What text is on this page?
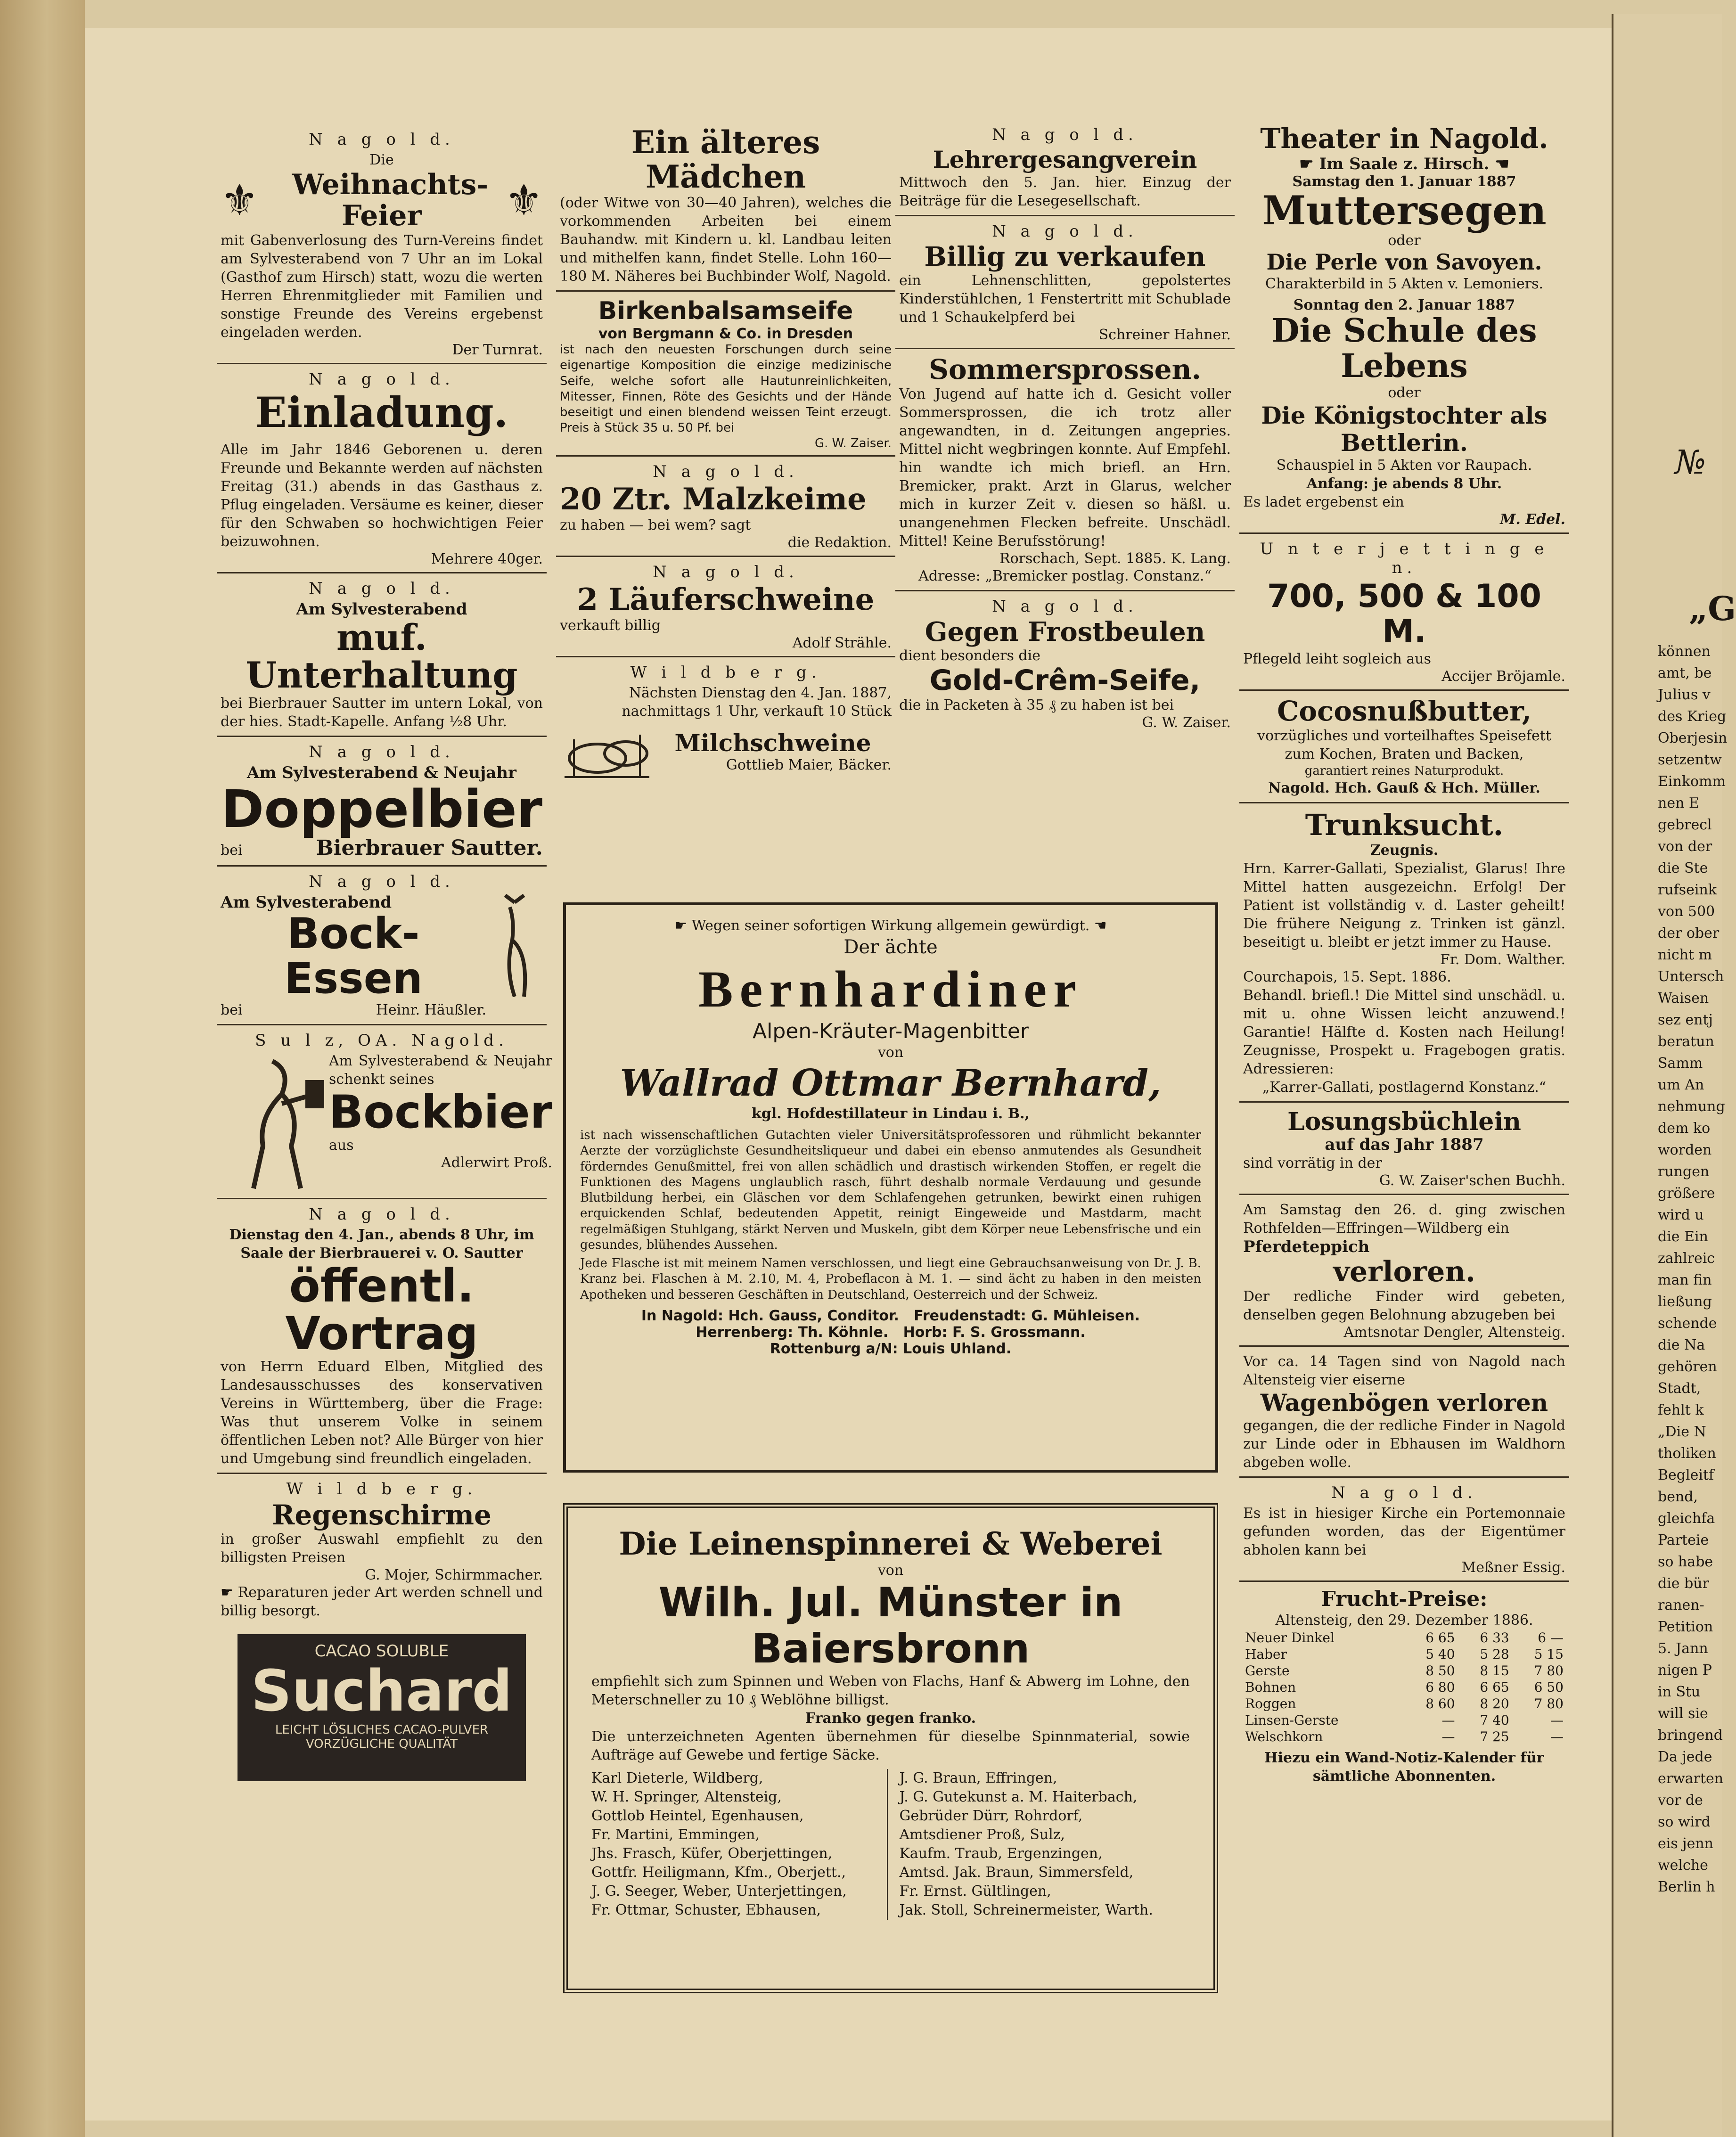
N a g o l d.
Die
⚜ Weihnachts-Feier	⚜
mit Gabenverlosung des Turn-Vereins findet am Sylvesterabend von 7 Uhr an im Lokal (Gasthof zum Hirsch) statt, wozu die werten Herren Ehrenmitglieder mit Familien und sonstige Freunde des Vereins ergebenst eingeladen werden.
Der Turnrat.
N a g o l d.
Einladung.
Alle im Jahr 1846 Geborenen u. deren Freunde und Bekannte werden auf nächsten Freitag (31.) abends in das Gasthaus z. Pflug eingeladen. Versäume es keiner, dieser für den Schwaben so hochwichtigen Feier beizuwohnen.
Mehrere 40ger.
N a g o l d.
Am Sylvesterabend
muf. Unterhaltung
bei Bierbrauer Sautter im untern Lokal, von der hies. Stadt-Kapelle. Anfang ½8 Uhr.
N a g o l d.
Am Sylvesterabend & Neujahr
Doppelbier
bei	Bierbrauer Sautter.
N a g o l d.
Am Sylvesterabend
Bock-Essen
bei	Heinr. Häußler.
S u l z, OA. Nagold.
Am Sylvesterabend & Neujahr schenkt seines
Bockbier
aus
Adlerwirt Proß.
N a g o l d.
Dienstag den 4. Jan., abends 8 Uhr, im Saale der Bierbrauerei v. O. Sautter
öffentl. Vortrag
von Herrn Eduard Elben, Mitglied des Landesausschusses des konservativen Vereins in Württemberg, über die Frage: Was thut unserem Volke in seinem öffentlichen Leben not? Alle Bürger von hier und Umgebung sind freundlich eingeladen.
W i l d b e r g.
Regenschirme
in großer Auswahl empfiehlt zu den billigsten Preisen
G. Mojer, Schirmmacher.
☛ Reparaturen jeder Art werden schnell und billig besorgt.
CACAO SOLUBLE
Suchard
LEICHT LÖSLICHES CACAO-PULVER
VORZÜGLICHE QUALITÄT
Ein älteres Mädchen
(oder Witwe von 30—40 Jahren), welches die vorkommenden Arbeiten bei einem Bauhandw. mit Kindern u. kl. Landbau leiten und mithelfen kann, findet Stelle. Lohn 160—180 M. Näheres bei Buchbinder Wolf, Nagold.
Birkenbalsamseife
von Bergmann & Co. in Dresden
ist nach den neuesten Forschungen durch seine eigenartige Komposition die einzige medizinische Seife, welche sofort alle Hautunreinlichkeiten, Mitesser, Finnen, Röte des Gesichts und der Hände beseitigt und einen blendend weissen Teint erzeugt. Preis à Stück 35 u. 50 Pf. bei
G. W. Zaiser.
N a g o l d.
20 Ztr. Malzkeime
zu haben — bei wem? sagt
die Redaktion.
N a g o l d.
2 Läuferschweine
verkauft billig
Adolf Strähle.
W i l d b e r g.
Nächsten Dienstag den 4. Jan. 1887, nachmittags 1 Uhr, verkauft 10 Stück
Milchschweine
Gottlieb Maier, Bäcker.
N a g o l d.
Lehrergesangverein
Mittwoch den 5. Jan. hier. Einzug der Beiträge für die Lesegesellschaft.
N a g o l d.
Billig zu verkaufen
ein Lehnenschlitten, gepolstertes Kinderstühlchen, 1 Fenstertritt mit Schublade und 1 Schaukelpferd bei
Schreiner Hahner.
Sommersprossen.
Von Jugend auf hatte ich d. Gesicht voller Sommersprossen, die ich trotz aller angewandten, in d. Zeitungen angepries. Mittel nicht wegbringen konnte. Auf Empfehl. hin wandte ich mich briefl. an Hrn. Bremicker, prakt. Arzt in Glarus, welcher mich in kurzer Zeit v. diesen so häßl. u. unangenehmen Flecken befreite. Unschädl. Mittel! Keine Berufsstörung!
Rorschach, Sept. 1885. K. Lang.
Adresse: „Bremicker postlag. Constanz.“
N a g o l d.
Gegen Frostbeulen
dient besonders die
Gold-Crêm-Seife,
die in Packeten à 35 ₰ zu haben ist bei
G. W. Zaiser.
Theater in Nagold.
☛ Im Saale z. Hirsch. ☚
Samstag den 1. Januar 1887
Muttersegen
oder
Die Perle von Savoyen.
Charakterbild in 5 Akten v. Lemoniers.
Sonntag den 2. Januar 1887
Die Schule des Lebens
oder
Die Königstochter als Bettlerin.
Schauspiel in 5 Akten vor Raupach.
Anfang: je abends 8 Uhr.
Es ladet ergebenst ein
M. Edel.
U n t e r j e t t i n g e n.
700, 500 & 100 M.
Pflegeld leiht sogleich aus
Accijer Bröjamle.
Cocosnußbutter,
vorzügliches und vorteilhaftes Speisefett zum Kochen, Braten und Backen,
garantiert reines Naturprodukt.
Nagold. Hch. Gauß & Hch. Müller.
Trunksucht.
Zeugnis.
Hrn. Karrer-Gallati, Spezialist, Glarus! Ihre Mittel hatten ausgezeichn. Erfolg! Der Patient ist vollständig v. d. Laster geheilt! Die frühere Neigung z. Trinken ist gänzl. beseitigt u. bleibt er jetzt immer zu Hause.
Fr. Dom. Walther.
Courchapois, 15. Sept. 1886.
Behandl. briefl.! Die Mittel sind unschädl. u. mit u. ohne Wissen leicht anzuwend.! Garantie! Hälfte d. Kosten nach Heilung! Zeugnisse, Prospekt u. Fragebogen gratis. Adressieren:
„Karrer-Gallati, postlagernd Konstanz.“
Losungsbüchlein
auf das Jahr 1887
sind vorrätig in der
G. W. Zaiser'schen Buchh.
Am Samstag den 26. d. ging zwischen Rothfelden—Effringen—Wildberg ein
Pferdeteppich
verloren.
Der redliche Finder wird gebeten, denselben gegen Belohnung abzugeben bei
Amtsnotar Dengler, Altensteig.
Vor ca. 14 Tagen sind von Nagold nach Altensteig vier eiserne
Wagenbögen verloren
gegangen, die der redliche Finder in Nagold zur Linde oder in Ebhausen im Waldhorn abgeben wolle.
N a g o l d.
Es ist in hiesiger Kirche ein Portemonnaie gefunden worden, das der Eigentümer abholen kann bei
Meßner Essig.
Frucht-Preise:
Altensteig, den 29. Dezember 1886.
Neuer Dinkel	6 65	6 33	6 —
Haber	5 40	5 28	5 15
Gerste	8 50	8 15	7 80
Bohnen	6 80	6 65	6 50
Roggen	8 60	8 20	7 80
Linsen-Gerste	—	7 40	—
Welschkorn	—	7 25	—
Hiezu ein Wand-Notiz-Kalender für sämtliche Abonnenten.
☛ Wegen seiner sofortigen Wirkung allgemein gewürdigt. ☚
Der ächte
Bernhardiner
Alpen-Kräuter-Magenbitter
von
Wallrad Ottmar Bernhard,
kgl. Hofdestillateur in Lindau i. B.,
ist nach wissenschaftlichen Gutachten vieler Universitätsprofessoren und rühmlicht bekannter Aerzte der vorzüglichste Gesundheitsliqueur und dabei ein ebenso anmutendes als Gesundheit förderndes Genußmittel, frei von allen schädlich und drastisch wirkenden Stoffen, er regelt die Funktionen des Magens unglaublich rasch, führt deshalb normale Verdauung und gesunde Blutbildung herbei, ein Gläschen vor dem Schlafengehen getrunken, bewirkt einen ruhigen erquickenden Schlaf, bedeutenden Appetit, reinigt Eingeweide und Mastdarm, macht regelmäßigen Stuhlgang, stärkt Nerven und Muskeln, gibt dem Körper neue Lebensfrische und ein gesundes, blühendes Aussehen.
Jede Flasche ist mit meinem Namen verschlossen, und liegt eine Gebrauchsanweisung von Dr. J. B. Kranz bei. Flaschen à M. 2.10, M. 4, Probeflacon à M. 1. — sind ächt zu haben in den meisten Apotheken und besseren Geschäften in Deutschland, Oesterreich und der Schweiz.
In Nagold: Hch. Gauss, Conditor.   Freudenstadt: G. Mühleisen.
Herrenberg: Th. Köhnle.   Horb: F. S. Grossmann.
Rottenburg a/N: Louis Uhland.
Die Leinenspinnerei & Weberei
von
Wilh. Jul. Münster in Baiersbronn
empfiehlt sich zum Spinnen und Weben von Flachs, Hanf & Abwerg im Lohne, den Meterschneller zu 10 ₰ Weblöhne billigst.
Franko gegen franko.
Die unterzeichneten Agenten übernehmen für dieselbe Spinnmaterial, sowie Aufträge auf Gewebe und fertige Säcke.
Karl Dieterle, Wildberg,
W. H. Springer, Altensteig,
Gottlob Heintel, Egenhausen,
Fr. Martini, Emmingen,
Jhs. Frasch, Küfer, Oberjettingen,
Gottfr. Heiligmann, Kfm., Oberjett.,
J. G. Seeger, Weber, Unterjettingen,
Fr. Ottmar, Schuster, Ebhausen,
J. G. Braun, Effringen,
J. G. Gutekunst a. M. Haiterbach,
Gebrüder Dürr, Rohrdorf,
Amtsdiener Proß, Sulz,
Kaufm. Traub, Ergenzingen,
Amtsd. Jak. Braun, Simmersfeld,
Fr. Ernst. Gültlingen,
Jak. Stoll, Schreinermeister, Warth.
№
„G
können
amt, be
Julius v
des Krieg
Oberjesin
setzentw
Einkomm
nen E
gebrecl
von der
die Ste
rufseink
von 500
der ober
nicht m
Untersch
Waisen
sez entj
beratun
Samm
um An
nehmung
dem ko
worden
rungen
größere
wird u
die Ein
zahlreic
man fin
ließung
schende
die Na
gehören
Stadt,
fehlt k
„Die N
tholiken
Begleitf
bend,
gleichfa
Parteie
so habe
die bür
ranen-
Petition
5. Jann
nigen P
in Stu
will sie
bringend
Da jede
erwarten
vor de
so wird
eis jenn
welche
Berlin h
